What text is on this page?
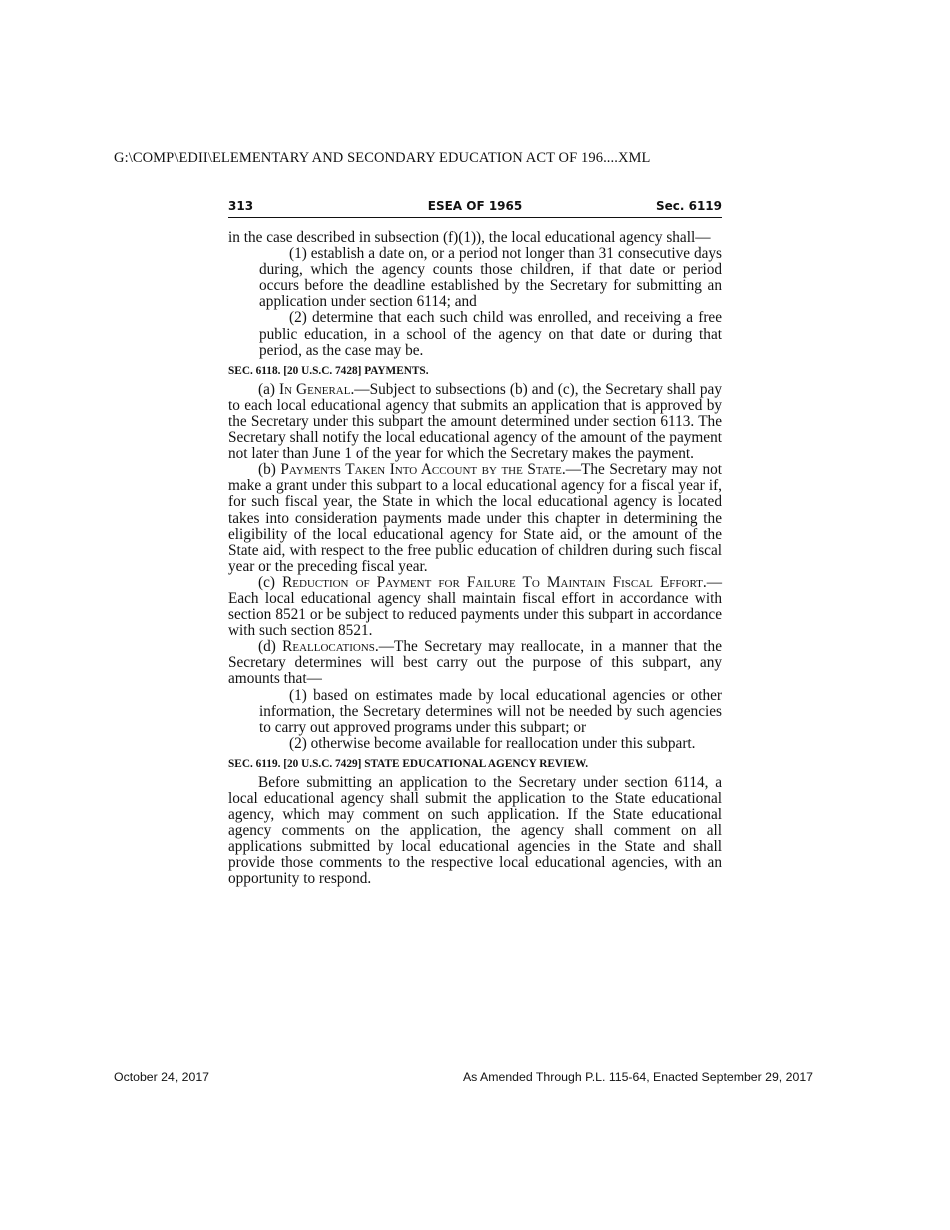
G:\COMP\EDII\ELEMENTARY AND SECONDARY EDUCATION ACT OF 196....XML
313	ESEA OF 1965	Sec. 6119

in the case described in subsection (f)(1)), the local educational agency shall—

(1) establish a date on, or a period not longer than 31 consecutive days during, which the agency counts those children, if that date or period occurs before the deadline established by the Secretary for submitting an application under section 6114; and

(2) determine that each such child was enrolled, and receiving a free public education, in a school of the agency on that date or during that period, as the case may be.

SEC. 6118. [20 U.S.C. 7428] PAYMENTS.

(a) In General.—Subject to subsections (b) and (c), the Secretary shall pay to each local educational agency that submits an application that is approved by the Secretary under this subpart the amount determined under section 6113. The Secretary shall notify the local educational agency of the amount of the payment not later than June 1 of the year for which the Secretary makes the payment.

(b) Payments Taken Into Account by the State.—The Secretary may not make a grant under this subpart to a local educational agency for a fiscal year if, for such fiscal year, the State in which the local educational agency is located takes into consideration payments made under this chapter in determining the eligibility of the local educational agency for State aid, or the amount of the State aid, with respect to the free public education of children during such fiscal year or the preceding fiscal year.

(c) Reduction of Payment for Failure To Maintain Fiscal Effort.—Each local educational agency shall maintain fiscal effort in accordance with section 8521 or be subject to reduced payments under this subpart in accordance with such section 8521.

(d) Reallocations.—The Secretary may reallocate, in a manner that the Secretary determines will best carry out the purpose of this subpart, any amounts that—

(1) based on estimates made by local educational agencies or other information, the Secretary determines will not be needed by such agencies to carry out approved programs under this subpart; or

(2) otherwise become available for reallocation under this subpart.

SEC. 6119. [20 U.S.C. 7429] STATE EDUCATIONAL AGENCY REVIEW.

Before submitting an application to the Secretary under section 6114, a local educational agency shall submit the application to the State educational agency, which may comment on such application. If the State educational agency comments on the application, the agency shall comment on all applications submitted by local educational agencies in the State and shall provide those comments to the respective local educational agencies, with an opportunity to respond.

October 24, 2017	As Amended Through P.L. 115-64, Enacted September 29, 2017
